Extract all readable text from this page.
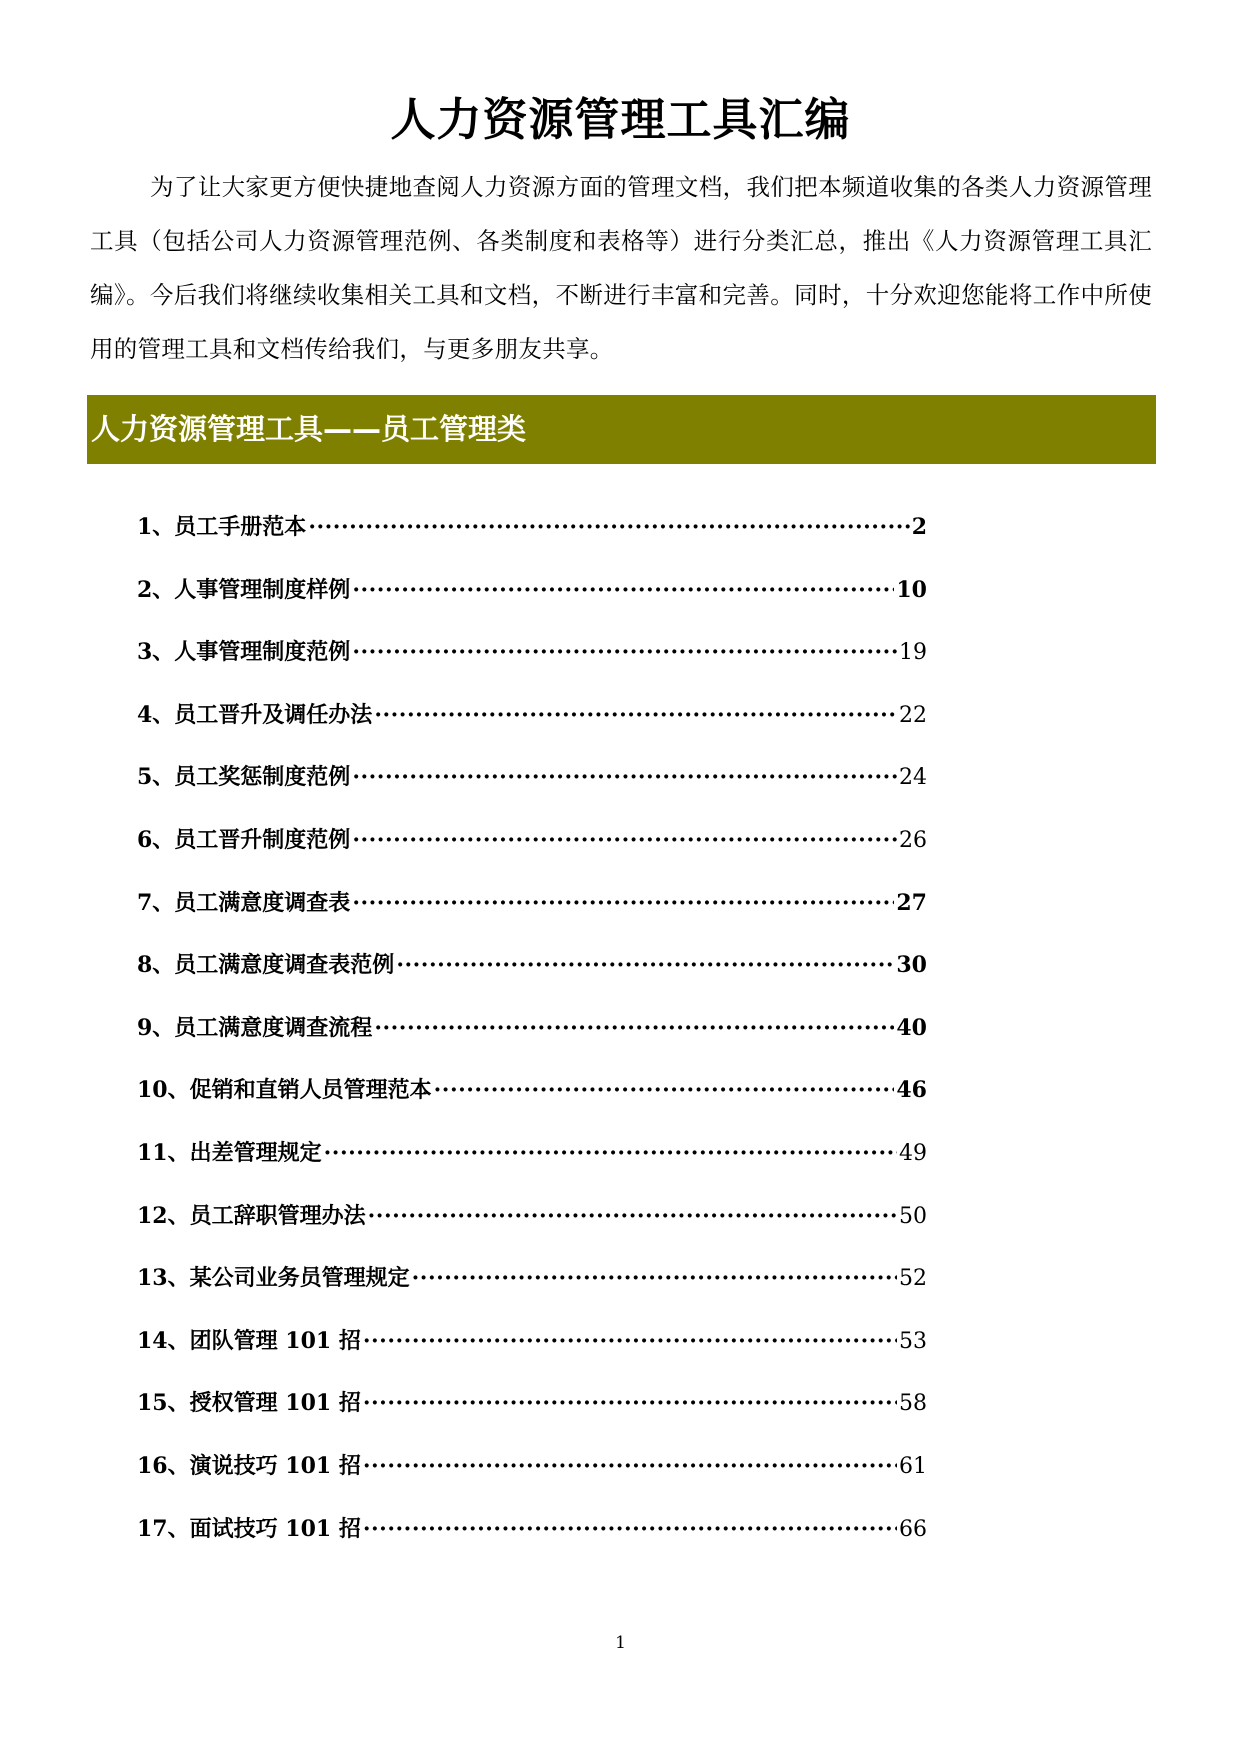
人力资源管理工具汇编

为了让大家更方便快捷地查阅人力资源方面的管理文档，我们把本频道收集的各类人力资源管理工具（包括公司人力资源管理范例、各类制度和表格等）进行分类汇总，推出《人力资源管理工具汇编》。今后我们将继续收集相关工具和文档，不断进行丰富和完善。同时，十分欢迎您能将工作中所使用的管理工具和文档传给我们，与更多朋友共享。

人力资源管理工具——员工管理类
1、员工手册范本 ·····	2
2、人事管理制度样例 ·····	10
3、人事管理制度范例 ·····	19
4、员工晋升及调任办法 ·····	22
5、员工奖惩制度范例 ·····	24
6、员工晋升制度范例 ·····	26
7、员工满意度调查表 ·····	27
8、员工满意度调查表范例 ·····	30
9、员工满意度调查流程 ·····	40
10、促销和直销人员管理范本 ·····	46
11、出差管理规定 ·····	49
12、员工辞职管理办法 ·····	50
13、某公司业务员管理规定 ·····	52
14、团队管理 101 招 ·····	53
15、授权管理 101 招 ·····	58
16、演说技巧 101 招 ·····	61
17、面试技巧 101 招 ·····	66
1
